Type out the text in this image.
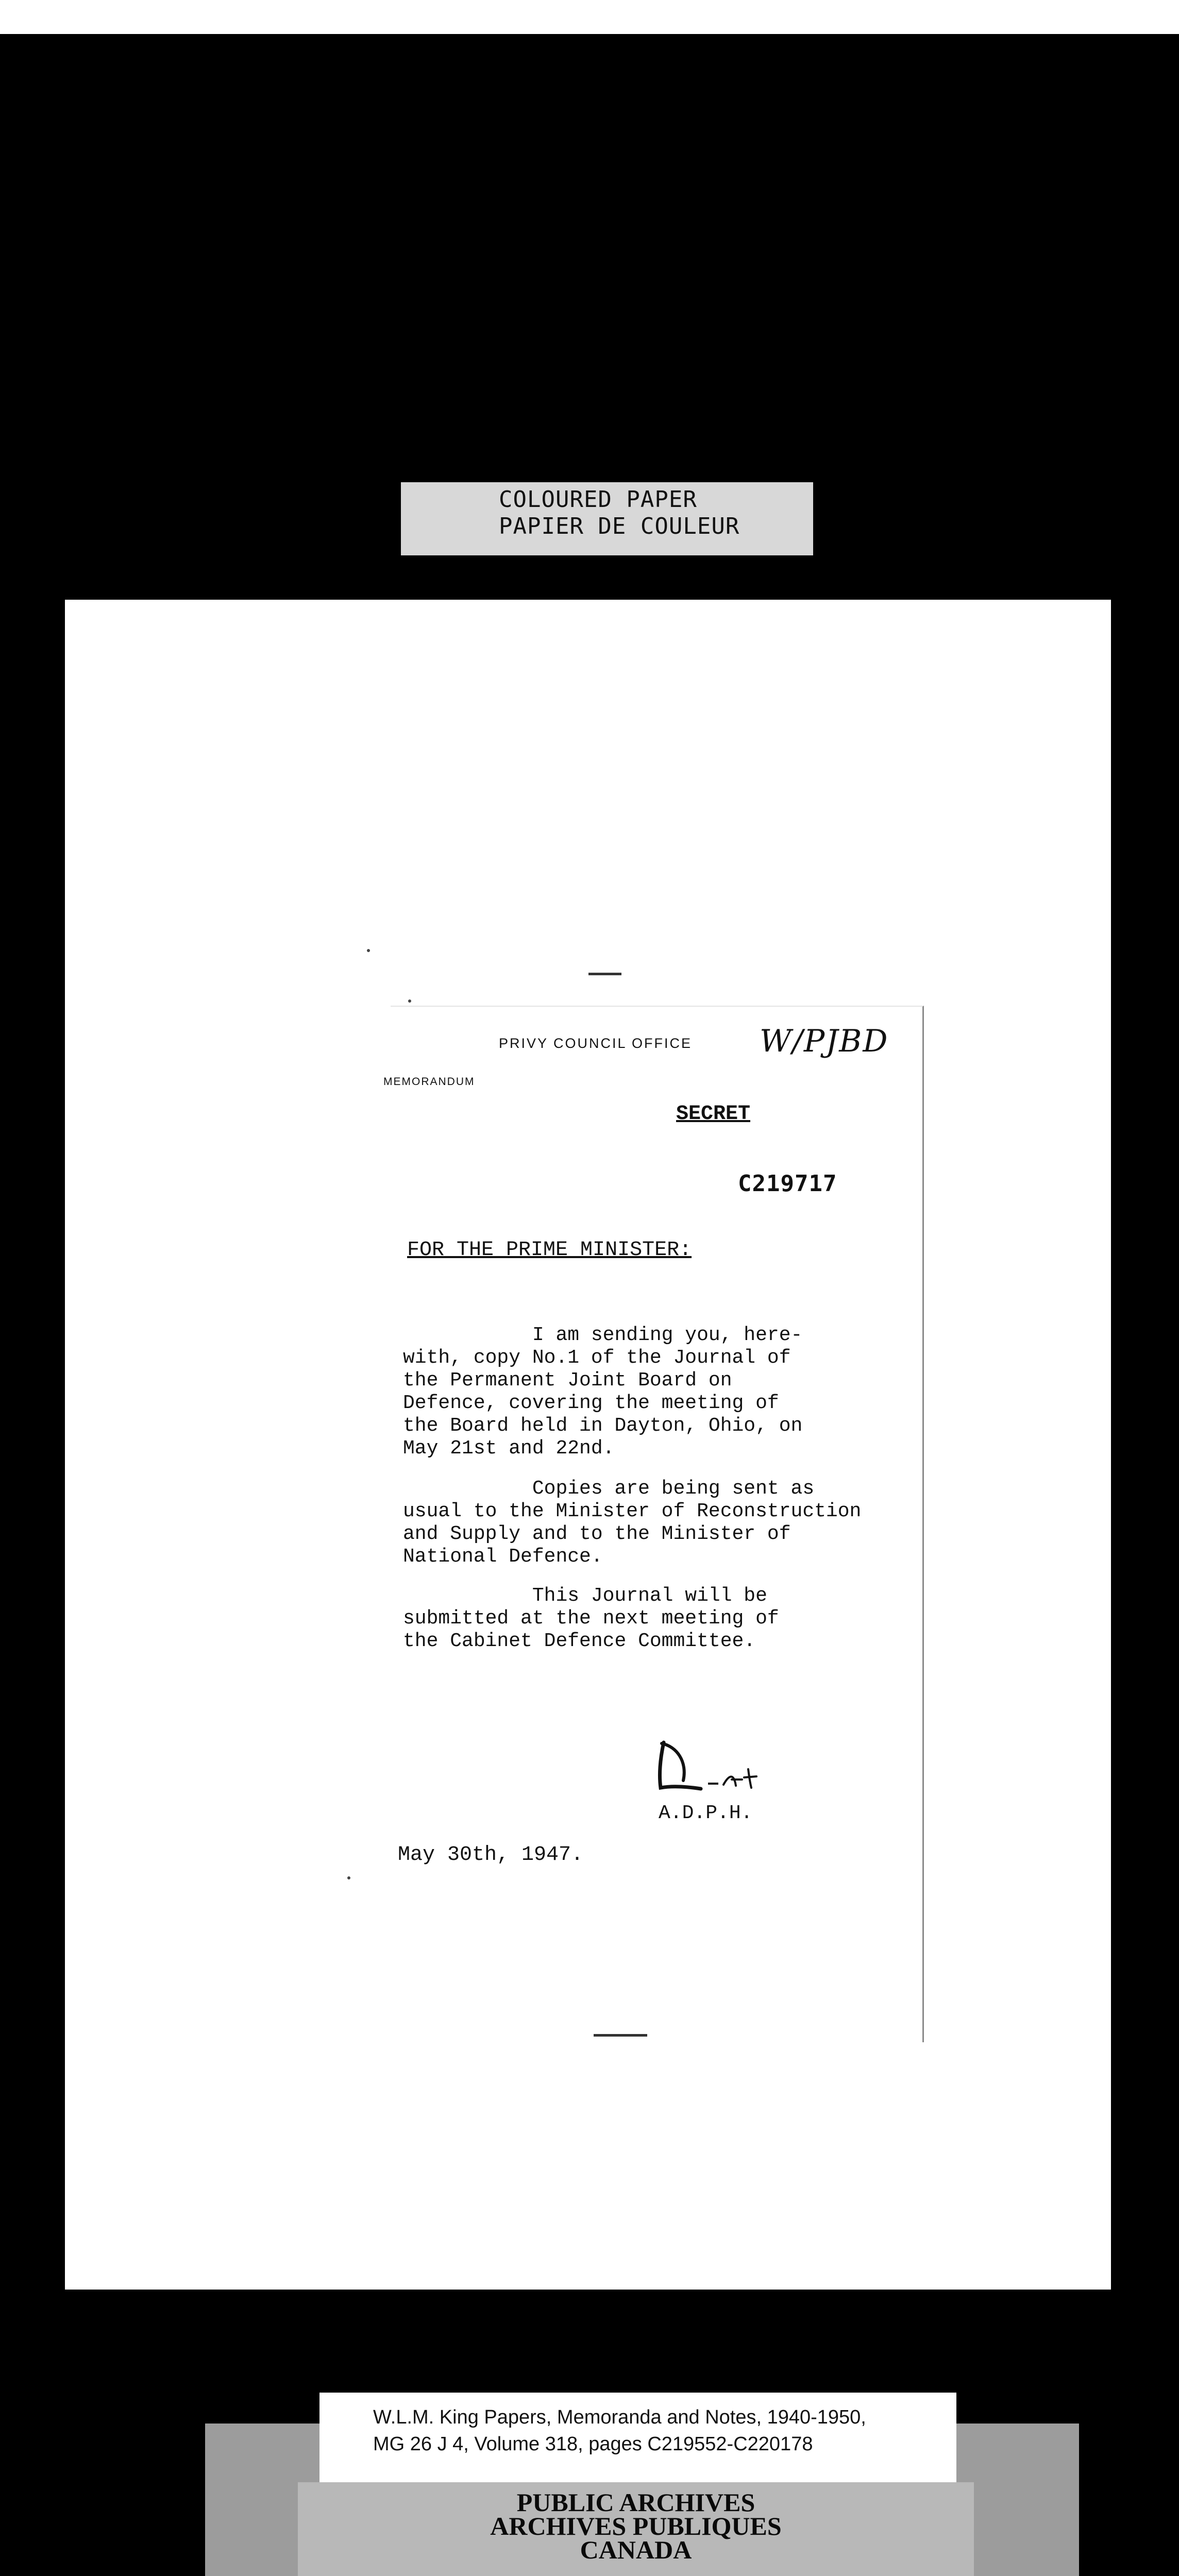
COLOURED PAPER
PAPIER DE COULEUR
PRIVY COUNCIL OFFICE W/PJBD
MEMORANDUM
SECRET
C219717
FOR THE PRIME MINISTER:
I am sending you, here-
with, copy No.1 of the Journal of
the Permanent Joint Board on
Defence, covering the meeting of
the Board held in Dayton, Ohio, on
May 21st and 22nd.
Copies are being sent as
usual to the Minister of Reconstruction
and Supply and to the Minister of
National Defence.
This Journal will be
submitted at the next meeting of
the Cabinet Defence Committee.
A.D.P.H.
May 30th, 1947.
W.L.M. King Papers, Memoranda and Notes, 1940-1950,
MG 26 J 4, Volume 318, pages C219552-C220178
PUBLIC ARCHIVES
ARCHIVES PUBLIQUES
CANADA
